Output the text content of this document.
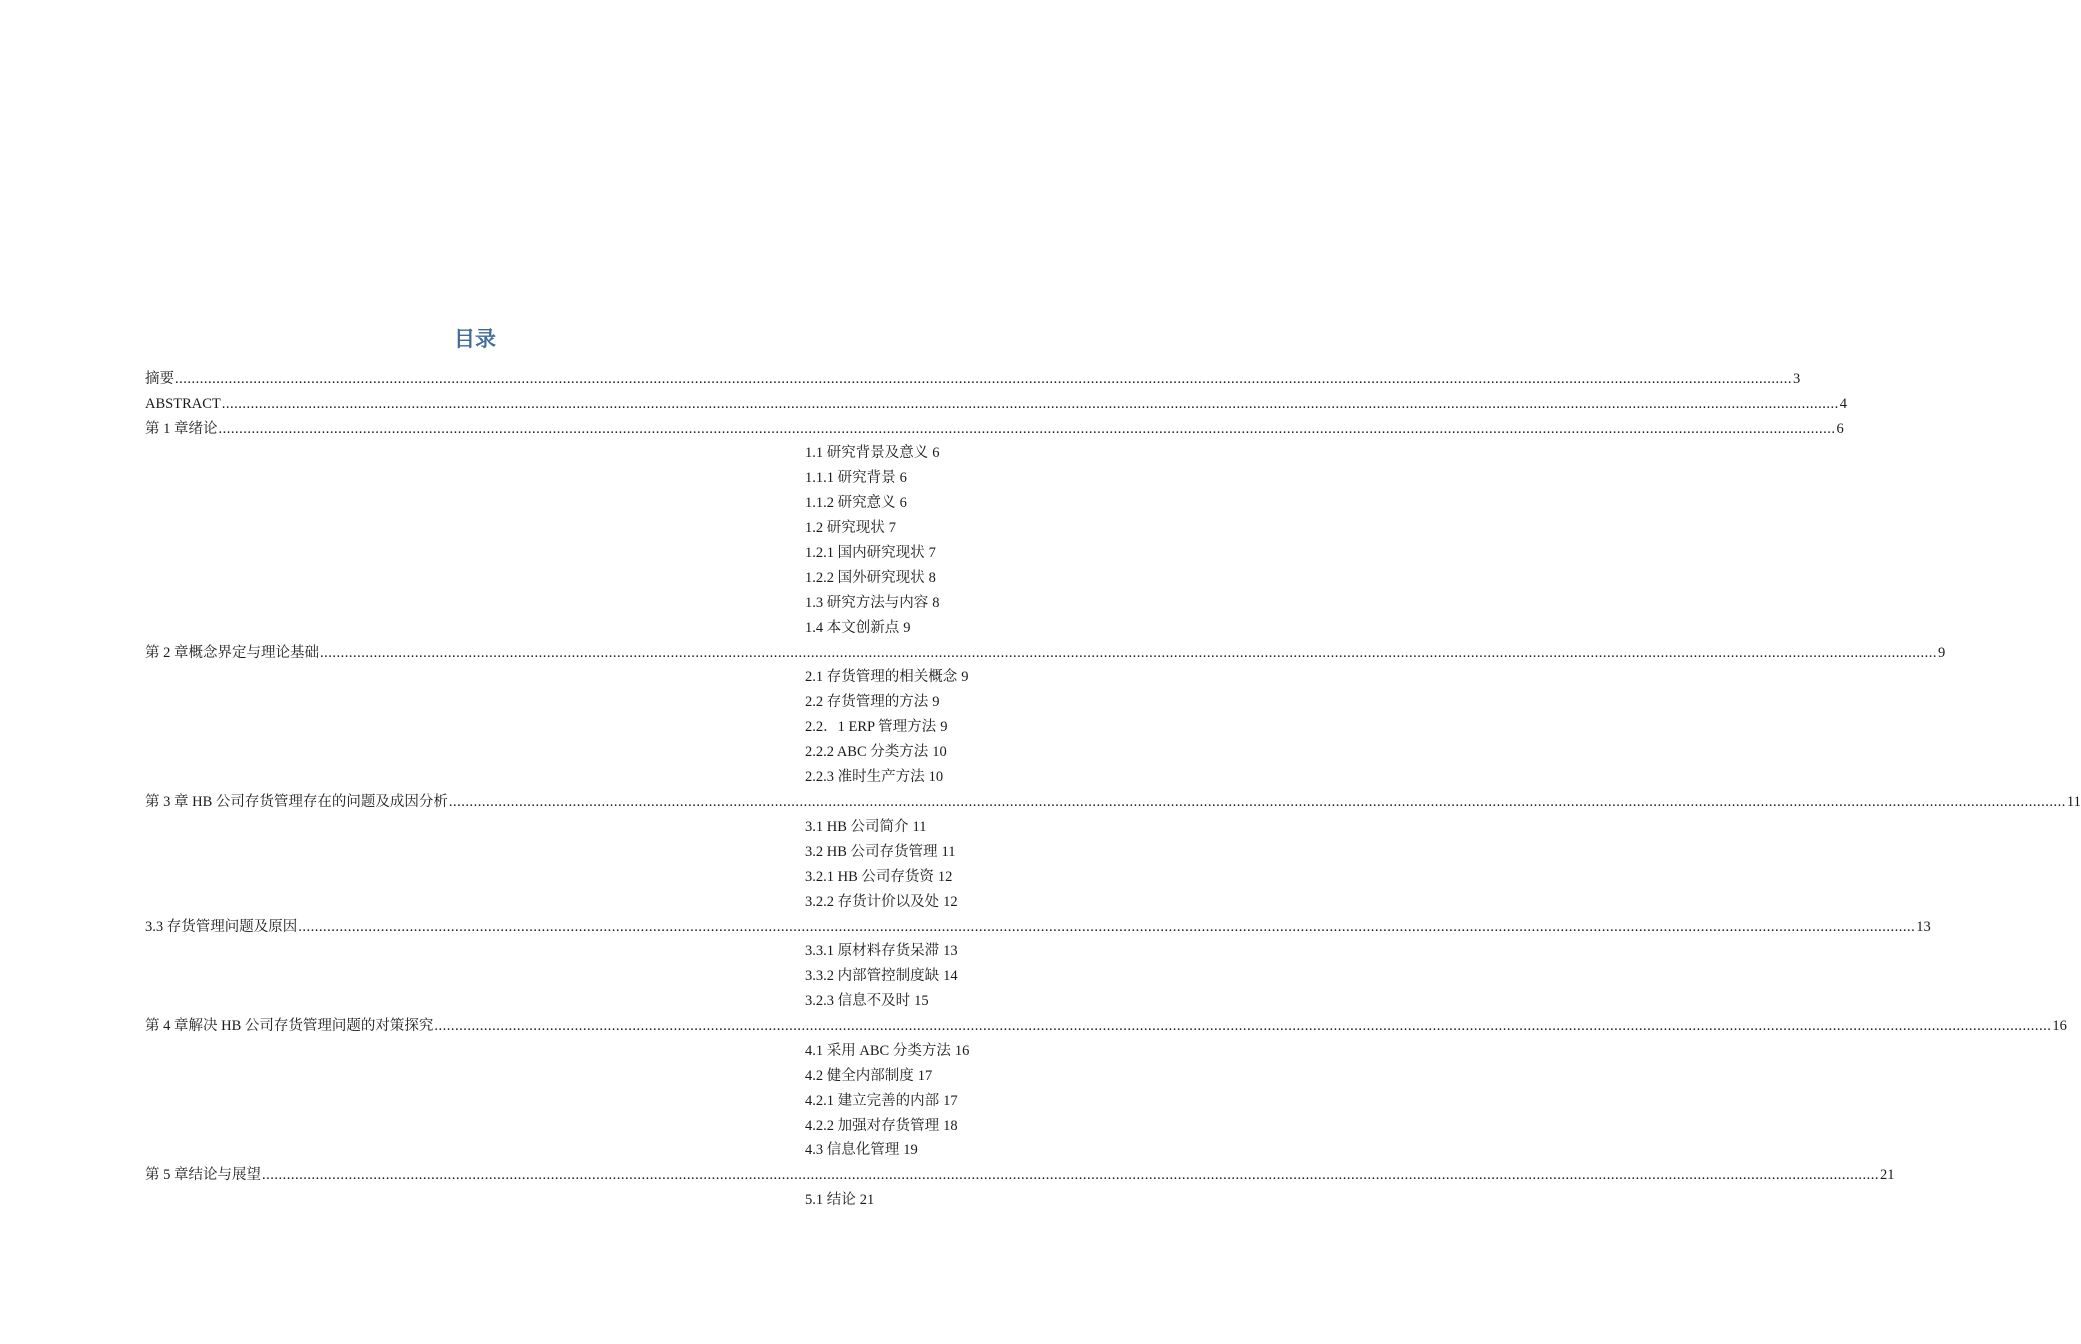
目录
摘要 .....	3
ABSTRACT .....	4
第 1 章绪论 .....	6
1.1 研究背景及意义 6
1.1.1 研究背景 6
1.1.2 研究意义 6
1.2 研究现状 7
1.2.1 国内研究现状 7
1.2.2 国外研究现状 8
1.3 研究方法与内容 8
1.4 本文创新点 9
第 2 章概念界定与理论基础 .....	9
2.1 存货管理的相关概念 9
2.2 存货管理的方法 9
2.2．1 ERP 管理方法 9
2.2.2 ABC 分类方法 10
2.2.3 准时生产方法 10
第 3 章 HB 公司存货管理存在的问题及成因分析 .....	11
3.1 HB 公司简介 11
3.2 HB 公司存货管理 11
3.2.1 HB 公司存货资 12
3.2.2 存货计价以及处 12
3.3 存货管理问题及原因 .....	13
3.3.1 原材料存货呆滞 13
3.3.2 内部管控制度缺 14
3.2.3 信息不及时 15
第 4 章解决 HB 公司存货管理问题的对策探究 .....	16
4.1 采用 ABC 分类方法 16
4.2 健全内部制度 17
4.2.1 建立完善的内部 17
4.2.2 加强对存货管理 18
4.3 信息化管理 19
第 5 章结论与展望 .....	21
5.1 结论 21
